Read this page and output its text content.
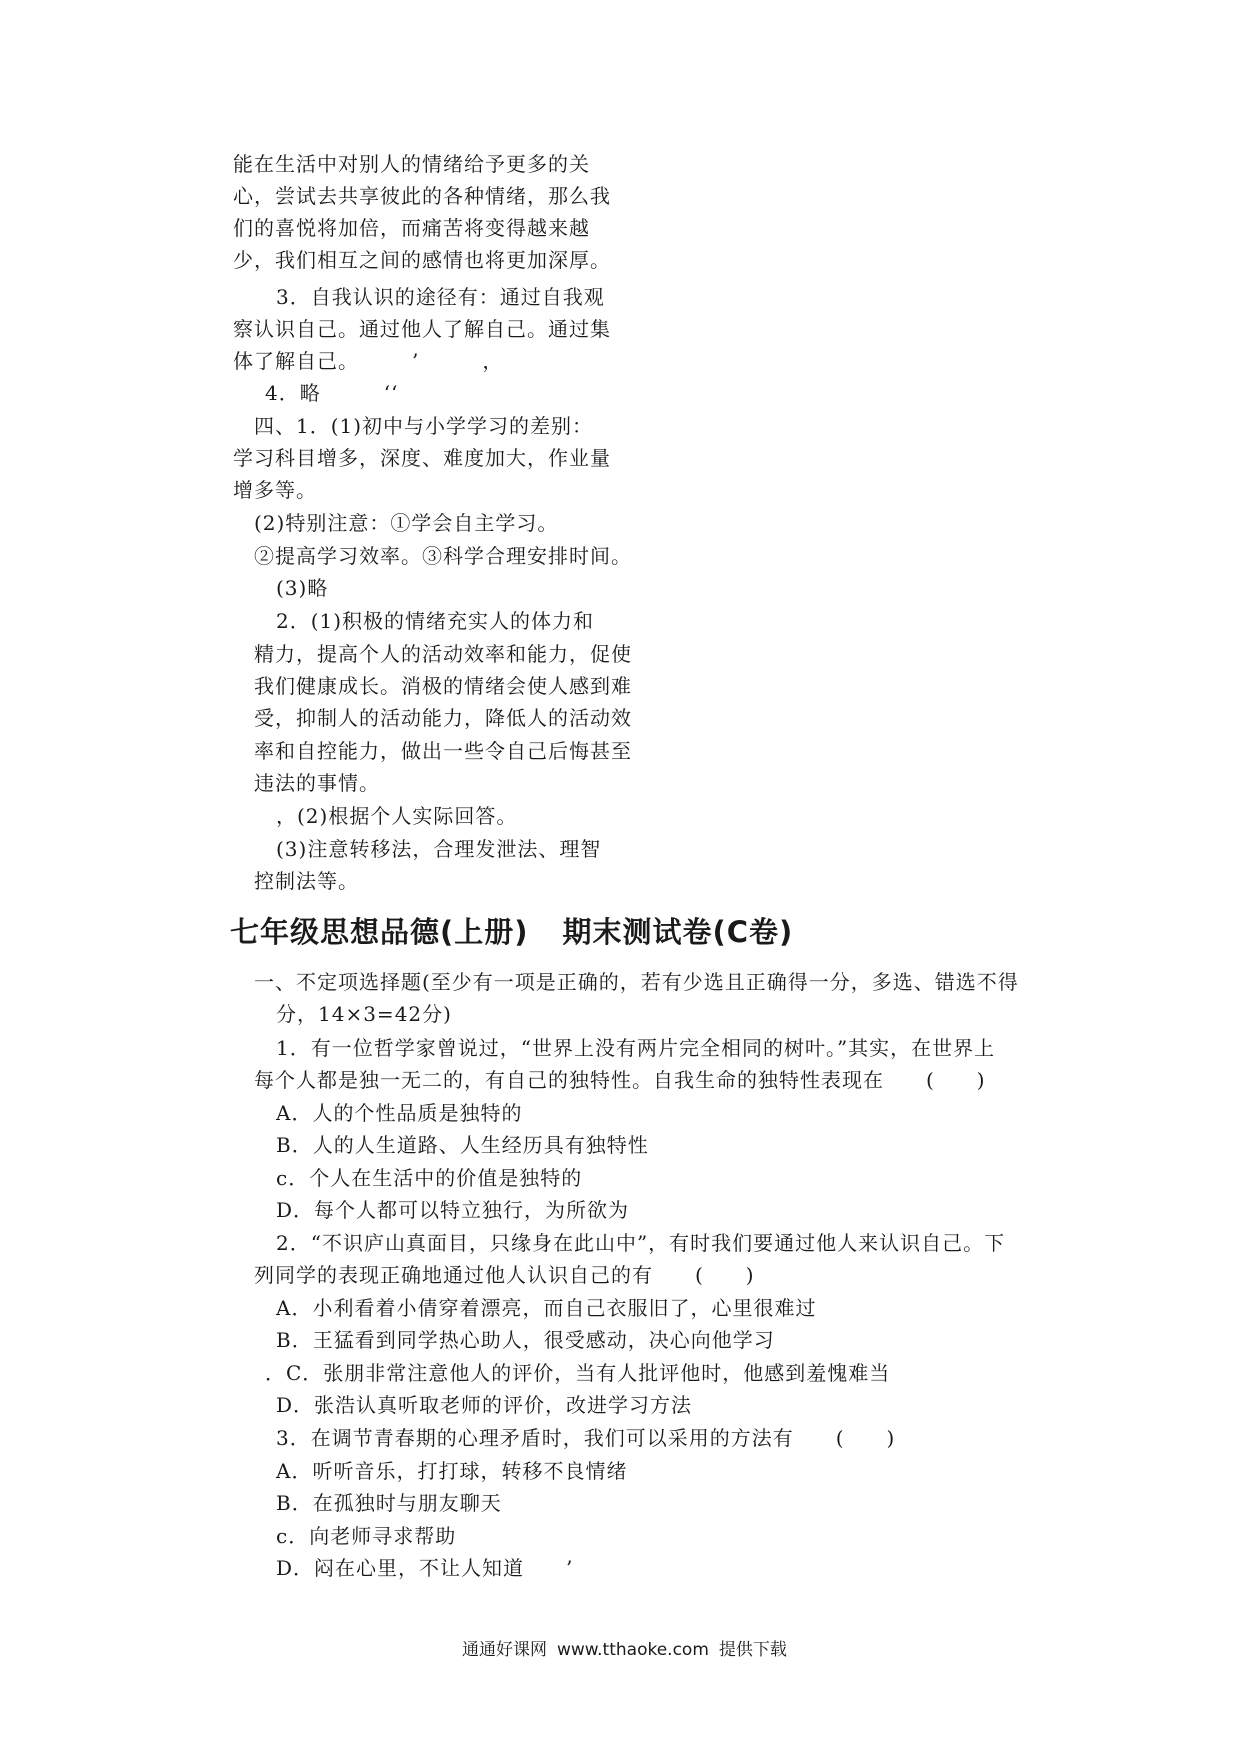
能在生活中对别人的情绪给予更多的关
心，尝试去共享彼此的各种情绪，那么我
们的喜悦将加倍，而痛苦将变得越来越
少，我们相互之间的感情也将更加深厚。
3．自我认识的途径有：通过自我观
察认识自己。通过他人了解自己。通过集
体了解自己。　　　’　　　，
4．略　　　‘‘
四、1．(1)初中与小学学习的差别：
学习科目增多，深度、难度加大，作业量
增多等。
(2)特别注意：①学会自主学习。
②提高学习效率。③科学合理安排时间。
(3)略
2．(1)积极的情绪充实人的体力和
精力，提高个人的活动效率和能力，促使
我们健康成长。消极的情绪会使人感到难
受，抑制人的活动能力，降低人的活动效
率和自控能力，做出一些令自己后悔甚至
违法的事情。
，(2)根据个人实际回答。
(3)注意转移法，合理发泄法、理智
控制法等。
七年级思想品德(上册) 期末测试卷(C卷)
一、不定项选择题(至少有一项是正确的，若有少选且正确得一分，多选、错选不得
分，14×3=42分)
1．有一位哲学家曾说过，“世界上没有两片完全相同的树叶。”其实，在世界上
每个人都是独一无二的，有自己的独特性。自我生命的独特性表现在　　(　　)
A．人的个性品质是独特的
B．人的人生道路、人生经历具有独特性
c．个人在生活中的价值是独特的
D．每个人都可以特立独行，为所欲为
2．“不识庐山真面目，只缘身在此山中”，有时我们要通过他人来认识自己。下
列同学的表现正确地通过他人认识自己的有　　(　　)
A．小利看着小倩穿着漂亮，而自己衣服旧了，心里很难过
B．王猛看到同学热心助人，很受感动，决心向他学习
．C．张朋非常注意他人的评价，当有人批评他时，他感到羞愧难当
D．张浩认真听取老师的评价，改进学习方法
3．在调节青春期的心理矛盾时，我们可以采用的方法有　　(　　)
A．听听音乐，打打球，转移不良情绪
B．在孤独时与朋友聊天
c．向老师寻求帮助
D．闷在心里，不让人知道　　’
通通好课网 www.tthaoke.com 提供下载
